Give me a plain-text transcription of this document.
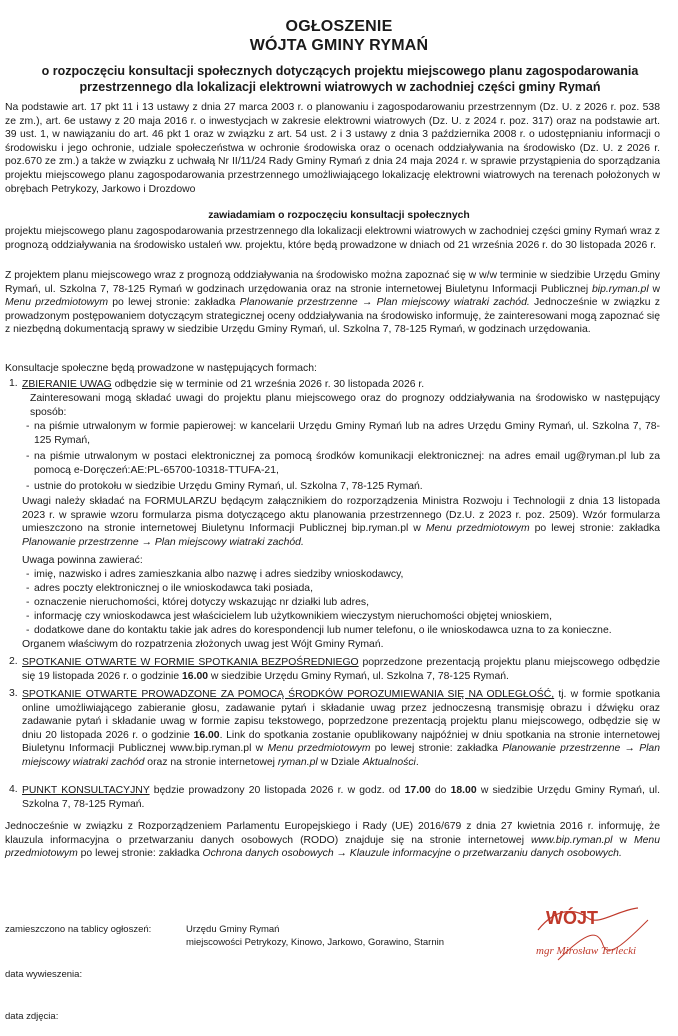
OGŁOSZENIE
WÓJTA GMINY RYMAŃ
o rozpoczęciu konsultacji społecznych dotyczących projektu miejscowego planu zagospodarowania
przestrzennego dla lokalizacji elektrowni wiatrowych w zachodniej części gminy Rymań
Na podstawie art. 17 pkt 11 i 13 ustawy z dnia 27 marca 2003 r. o planowaniu i zagospodarowaniu przestrzennym (Dz. U. z 2026 r. poz. 538 ze zm.), art. 6e ustawy z 20 maja 2016 r. o inwestycjach w zakresie elektrowni wiatrowych (Dz. U. z 2024 r. poz. 317) oraz na podstawie art. 39 ust. 1, w nawiązaniu do art. 46 pkt 1 oraz w związku z art. 54 ust. 2 i 3 ustawy z dnia 3 października 2008 r. o udostępnianiu informacji o środowisku i jego ochronie, udziale społeczeństwa w ochronie środowiska oraz o ocenach oddziaływania na środowisko (Dz. U. z 2026 r. poz.670 ze zm.) a także w związku z uchwałą Nr II/11/24 Rady Gminy Rymań z dnia 24 maja 2024 r. w sprawie przystąpienia do sporządzania projektu miejscowego planu zagospodarowania przestrzennego umożliwiającego lokalizację elektrowni wiatrowych na terenach położonych w obrębach Petrykozy, Jarkowo i Drozdowo
zawiadamiam o rozpoczęciu konsultacji społecznych
projektu miejscowego planu zagospodarowania przestrzennego dla lokalizacji elektrowni wiatrowych w zachodniej części gminy Rymań wraz z prognozą oddziaływania na środowisko ustaleń ww. projektu, które będą prowadzone w dniach od 21 września 2026 r. do 30 listopada 2026 r.
Z projektem planu miejscowego wraz z prognozą oddziaływania na środowisko można zapoznać się w w/w terminie w siedzibie Urzędu Gminy Rymań, ul. Szkolna 7, 78-125 Rymań w godzinach urzędowania oraz na stronie internetowej Biuletynu Informacji Publicznej bip.ryman.pl w Menu przedmiotowym po lewej stronie: zakładka Planowanie przestrzenne → Plan miejscowy wiatraki zachód. Jednocześnie w związku z prowadzonym postępowaniem dotyczącym strategicznej oceny oddziaływania na środowisko informuję, że zainteresowani mogą zapoznać się z niezbędną dokumentacją sprawy w siedzibie Urzędu Gminy Rymań, ul. Szkolna 7, 78-125 Rymań, w godzinach urzędowania.
Konsultacje społeczne będą prowadzone w następujących formach:
1. ZBIERANIE UWAG odbędzie się w terminie od 21 września 2026 r. 30 listopada 2026 r.
Zainteresowani mogą składać uwagi do projektu planu miejscowego oraz do prognozy oddziaływania na środowisko w następujący sposób:
- na piśmie utrwalonym w formie papierowej: w kancelarii Urzędu Gminy Rymań lub na adres Urzędu Gminy Rymań, ul. Szkolna 7, 78-125 Rymań,
- na piśmie utrwalonym w postaci elektronicznej za pomocą środków komunikacji elektronicznej: na adres email ug@ryman.pl lub za pomocą e-Doręczeń:AE:PL-65700-10318-TTUFA-21,
- ustnie do protokołu w siedzibie Urzędu Gminy Rymań, ul. Szkolna 7, 78-125 Rymań.
Uwagi należy składać na FORMULARZU będącym załącznikiem do rozporządzenia Ministra Rozwoju i Technologii z dnia 13 listopada 2023 r. w sprawie wzoru formularza pisma dotyczącego aktu planowania przestrzennego (Dz.U. z 2023 r. poz. 2509). Wzór formularza umieszczono na stronie internetowej Biuletynu Informacji Publicznej bip.ryman.pl w Menu przedmiotowym po lewej stronie: zakładka Planowanie przestrzenne → Plan miejscowy wiatraki zachód.
Uwaga powinna zawierać:
- imię, nazwisko i adres zamieszkania albo nazwę i adres siedziby wnioskodawcy,
- adres poczty elektronicznej o ile wnioskodawca taki posiada,
- oznaczenie nieruchomości, której dotyczy wskazując nr działki lub adres,
- informację czy wnioskodawca jest właścicielem lub użytkownikiem wieczystym nieruchomości objętej wnioskiem,
- dodatkowe dane do kontaktu takie jak adres do korespondencji lub numer telefonu, o ile wnioskodawca uzna to za konieczne.
Organem właściwym do rozpatrzenia złożonych uwag jest Wójt Gminy Rymań.
2. SPOTKANIE OTWARTE W FORMIE SPOTKANIA BEZPOŚREDNIEGO poprzedzone prezentacją projektu planu miejscowego odbędzie się 19 listopada 2026 r. o godzinie 16.00 w siedzibie Urzędu Gminy Rymań, ul. Szkolna 7, 78-125 Rymań.
3. SPOTKANIE OTWARTE PROWADZONE ZA POMOCĄ ŚRODKÓW POROZUMIEWANIA SIĘ NA ODLEGŁOŚĆ, tj. w formie spotkania online umożliwiającego zabieranie głosu, zadawanie pytań i składanie uwag przez jednoczesną transmisję obrazu i dźwięku oraz zadawanie pytań i składanie uwag w formie zapisu tekstowego, poprzedzone prezentacją projektu planu miejscowego, odbędzie się w dniu 20 listopada 2026 r. o godzinie 16.00. Link do spotkania zostanie opublikowany najpóźniej w dniu spotkania na stronie internetowej Biuletynu Informacji Publicznej www.bip.ryman.pl w Menu przedmiotowym po lewej stronie: zakładka Planowanie przestrzenne → Plan miejscowy wiatraki zachód oraz na stronie internetowej ryman.pl w Dziale Aktualności.
4. PUNKT KONSULTACYJNY będzie prowadzony 20 listopada 2026 r. w godz. od 17.00 do 18.00 w siedzibie Urzędu Gminy Rymań, ul. Szkolna 7, 78-125 Rymań.
Jednocześnie w związku z Rozporządzeniem Parlamentu Europejskiego i Rady (UE) 2016/679 z dnia 27 kwietnia 2016 r. informuję, że klauzula informacyjna o przetwarzaniu danych osobowych (RODO) znajduje się na stronie internetowej www.bip.ryman.pl w Menu przedmiotowym po lewej stronie: zakładka Ochrona danych osobowych → Klauzule informacyjne o przetwarzaniu danych osobowych.
zamieszczono na tablicy ogłoszeń:	Urzędu Gminy Rymań
miejscowości Petrykozy, Kinowo, Jarkowo, Gorawino, Starnin
data wywieszenia:
data zdjęcia:
WÓJT
mgr Mirosław Terlecki
